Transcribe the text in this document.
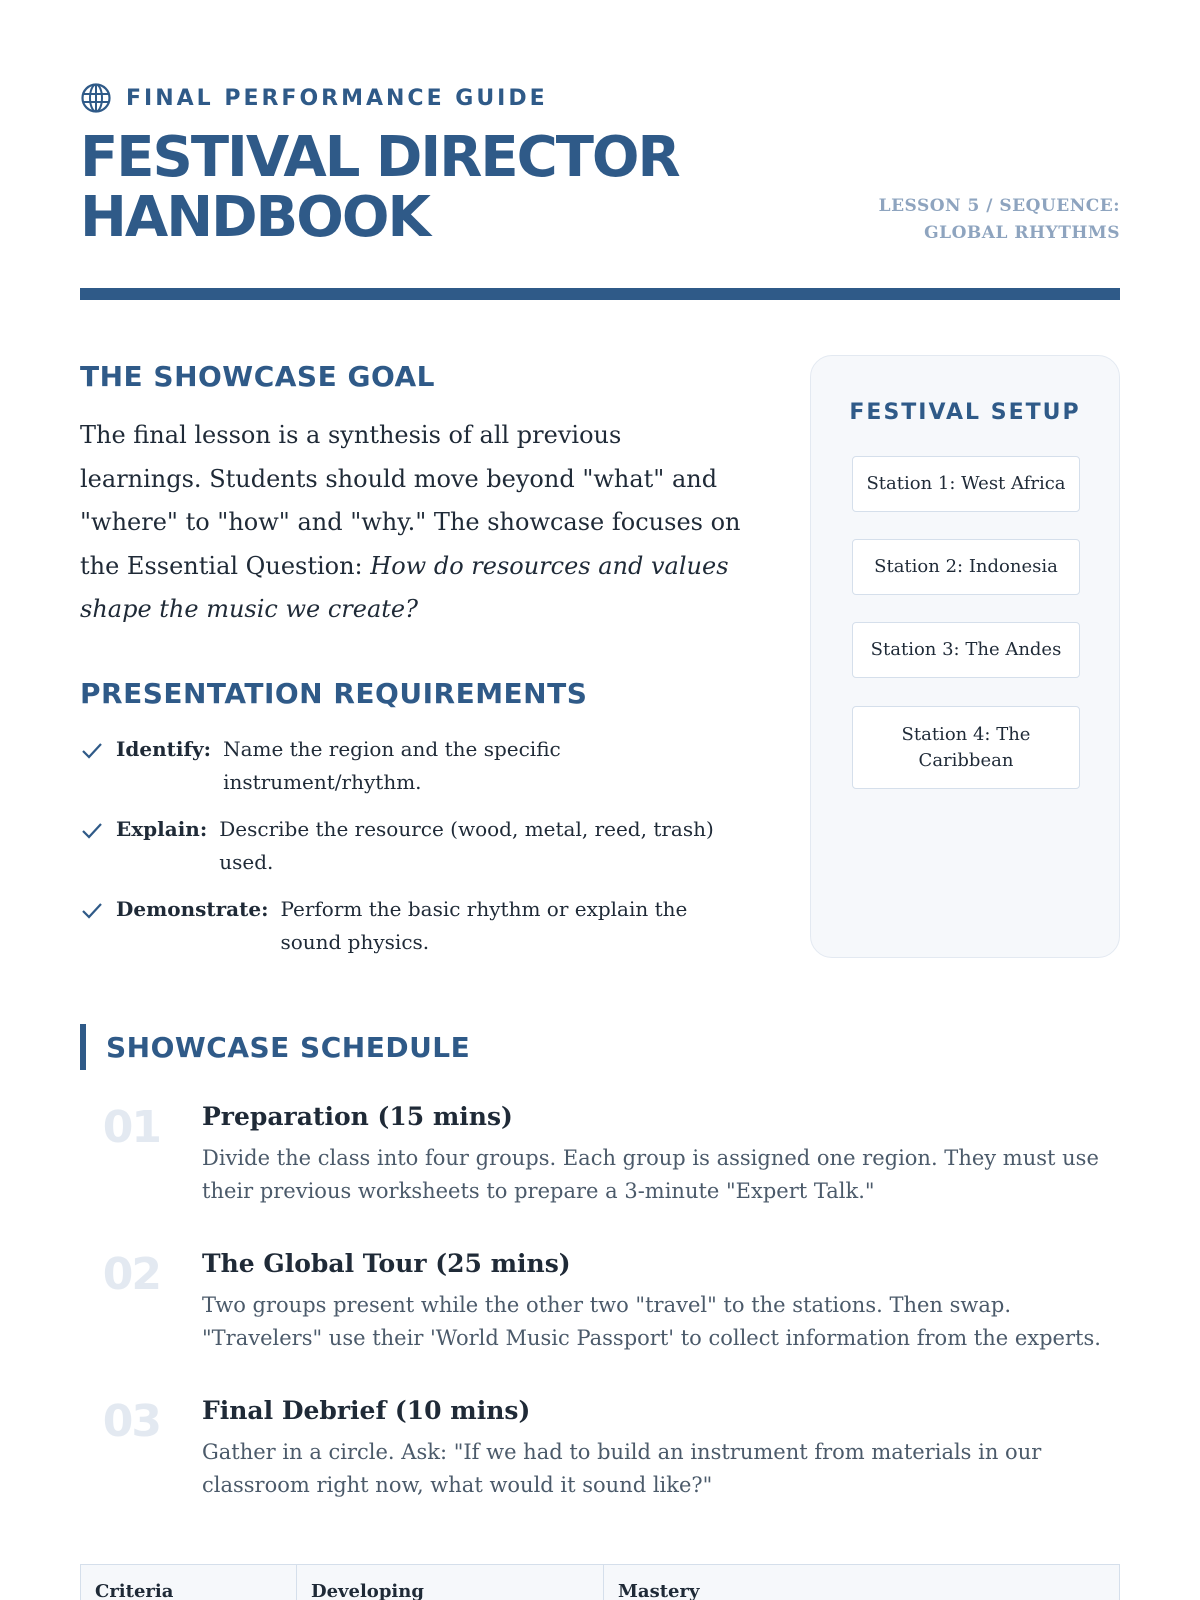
FINAL PERFORMANCE GUIDE
FESTIVAL DIRECTOR
HANDBOOK	LESSON 5 / SEQUENCE:
GLOBAL RHYTHMS
THE SHOWCASE GOAL

The final lesson is a synthesis of all previous learnings. Students should move beyond "what" and "where" to "how" and "why." The showcase focuses on the Essential Question: How do resources and values shape the music we create?

PRESENTATION REQUIREMENTS
Identify: Name the region and the specific instrument/rhythm.
Explain: Describe the resource (wood, metal, reed, trash) used.
Demonstrate: Perform the basic rhythm or explain the sound physics.
FESTIVAL SETUP
Station 1: West Africa
Station 2: Indonesia
Station 3: The Andes
Station 4: The Caribbean
SHOWCASE SCHEDULE
01 Preparation (15 mins)
Divide the class into four groups. Each group is assigned one region. They must use their previous worksheets to prepare a 3-minute "Expert Talk."
02 The Global Tour (25 mins)
Two groups present while the other two "travel" to the stations. Then swap. "Travelers" use their 'World Music Passport' to collect information from the experts.
03 Final Debrief (10 mins)
Gather in a circle. Ask: "If we had to build an instrument from materials in our classroom right now, what would it sound like?"
Criteria	Developing	Mastery
